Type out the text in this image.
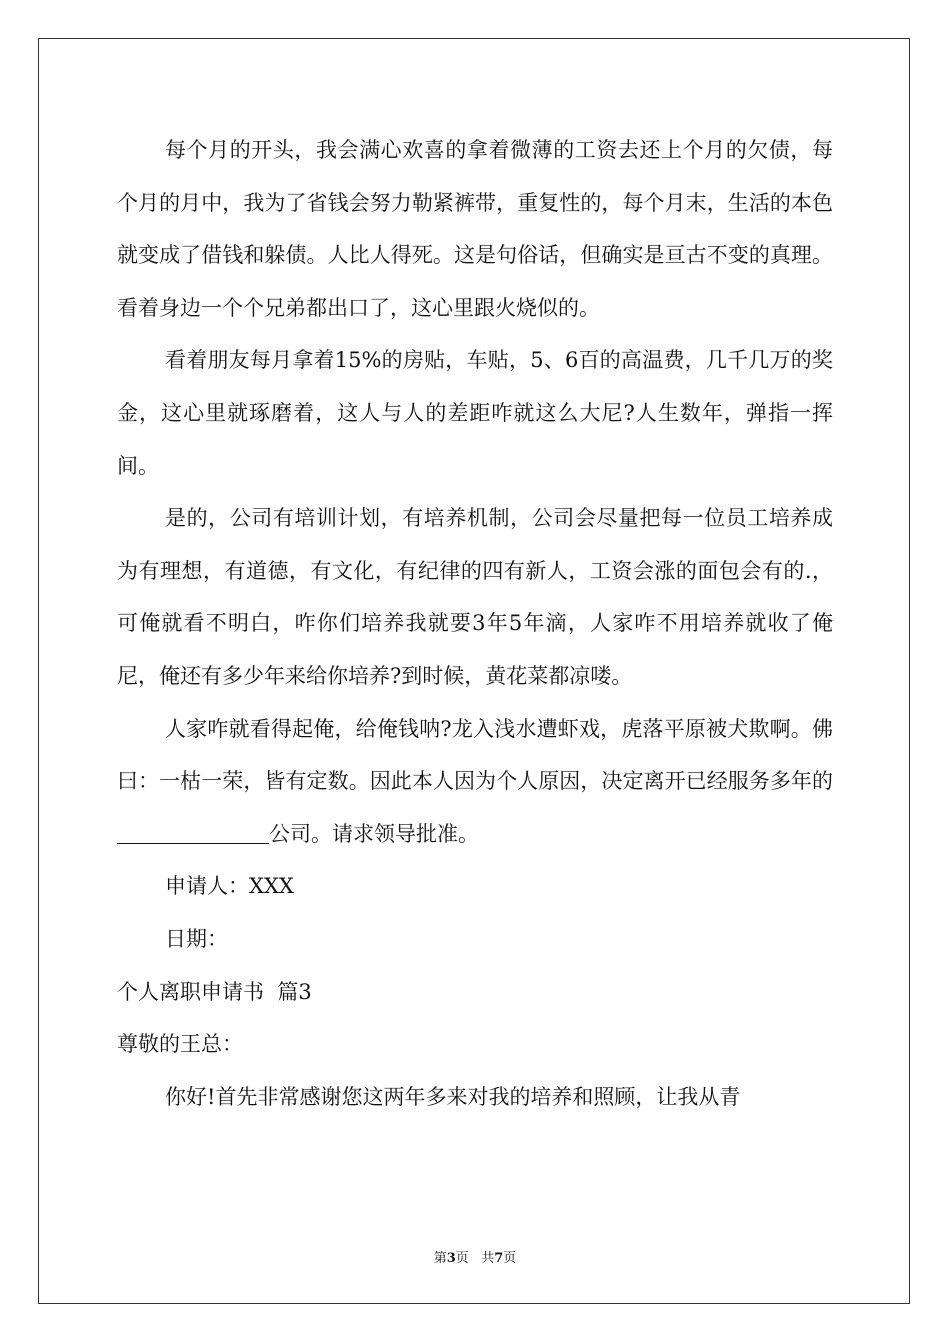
每个月的开头，我会满心欢喜的拿着微薄的工资去还上个月的欠债，每个月的月中，我为了省钱会努力勒紧裤带，重复性的，每个月末，生活的本色就变成了借钱和躲债。人比人得死。这是句俗话，但确实是亘古不变的真理。看着身边一个个兄弟都出口了，这心里跟火烧似的。

看着朋友每月拿着15%的房贴，车贴，5、6百的高温费，几千几万的奖金，这心里就琢磨着，这人与人的差距咋就这么大尼?人生数年，弹指一挥间。

是的，公司有培训计划，有培养机制，公司会尽量把每一位员工培养成为有理想，有道德，有文化，有纪律的四有新人，工资会涨的面包会有的.，可俺就看不明白，咋你们培养我就要3年5年滴，人家咋不用培养就收了俺尼，俺还有多少年来给你培养?到时候，黄花菜都凉喽。

人家咋就看得起俺，给俺钱呐?龙入浅水遭虾戏，虎落平原被犬欺啊。佛曰：一枯一荣，皆有定数。因此本人因为个人原因，决定离开已经服务多年的公司。请求领导批准。

申请人：XXX

日期：

个人离职申请书  篇3

尊敬的王总：

你好!首先非常感谢您这两年多来对我的培养和照顾，让我从青

第3页 共7页
